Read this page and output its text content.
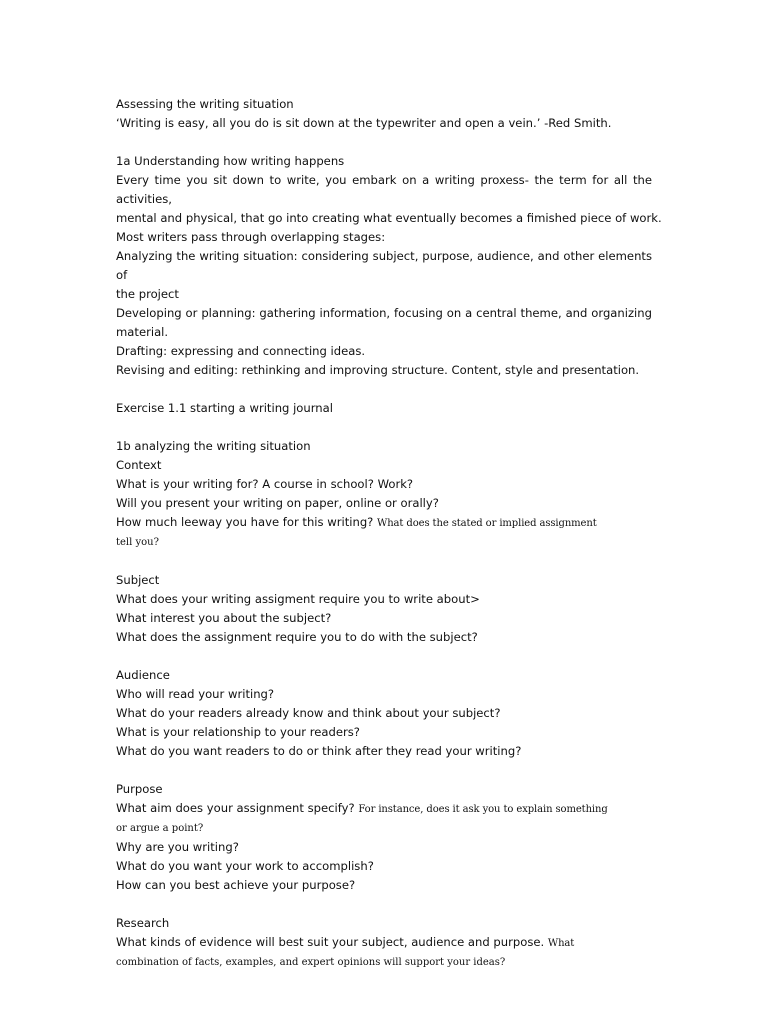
Assessing the writing situation
‘Writing is easy, all you do is sit down at the typewriter and open a vein.’ -Red Smith.
1a Understanding how writing happens
Every time you sit down to write, you embark on a writing proxess- the term for all the activities,
mental and physical, that go into creating what eventually becomes a fimished piece of work.
Most writers pass through overlapping stages:
Analyzing the writing situation: considering subject, purpose, audience, and other elements of
the project
Developing or planning: gathering information, focusing on a central theme, and organizing
material.
Drafting: expressing and connecting ideas.
Revising and editing: rethinking and improving structure. Content, style and presentation.
Exercise 1.1 starting a writing journal
1b analyzing the writing situation
Context
What is your writing for? A course in school? Work?
Will you present your writing on paper, online or orally?
How much leeway you have for this writing? What does the stated or implied assignment
tell you?
Subject
What does your writing assigment require you to write about>
What interest you about the subject?
What does the assignment require you to do with the subject?
Audience
Who will read your writing?
What do your readers already know and think about your subject?
What is your relationship to your readers?
What do you want readers to do or think after they read your writing?
Purpose
What aim does your assignment specify? For instance, does it ask you to explain something
or argue a point?
Why are you writing?
What do you want your work to accomplish?
How can you best achieve your purpose?
Research
What kinds of evidence will best suit your subject, audience and purpose. What
combination of facts, examples, and expert opinions will support your ideas?
